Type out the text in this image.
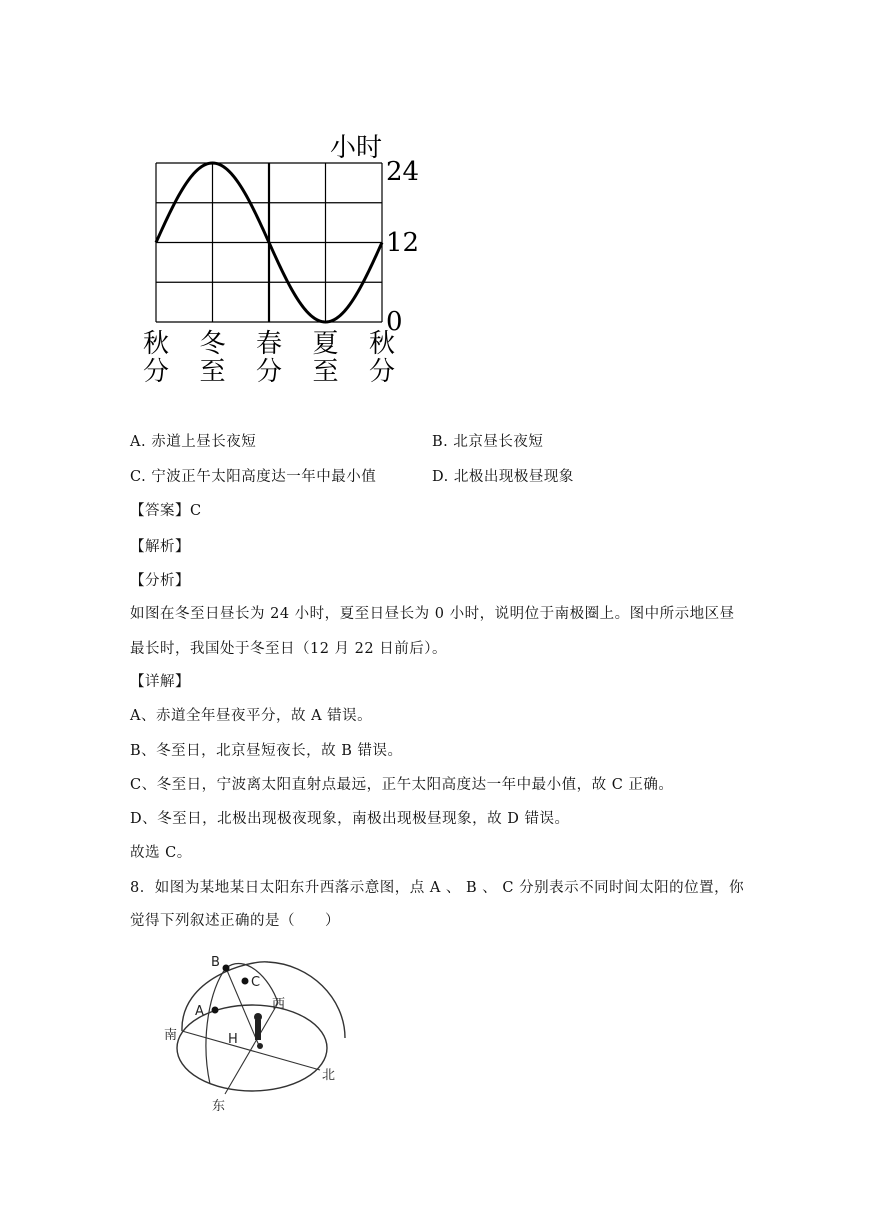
小时
24
12
0
秋
分
冬
至
春
分
夏
至
秋
分
A. 赤道上昼长夜短	B. 北京昼长夜短
C. 宁波正午太阳高度达一年中最小值	D. 北极出现极昼现象
【答案】C
【解析】
【分析】
如图在冬至日昼长为 24 小时，夏至日昼长为 0 小时，说明位于南极圈上。图中所示地区昼
最长时，我国处于冬至日（12 月 22 日前后）。
【详解】
A、赤道全年昼夜平分，故 A 错误。
B、冬至日，北京昼短夜长，故 B 错误。
C、冬至日，宁波离太阳直射点最远，正午太阳高度达一年中最小值，故 C 正确。
D、冬至日，北极出现极夜现象，南极出现极昼现象，故 D 错误。
故选 C。
8．如图为某地某日太阳东升西落示意图，点 A 、 B 、 C 分别表示不同时间太阳的位置，你
觉得下列叙述正确的是（　　）
B
C
A
H
西
南
北
东
